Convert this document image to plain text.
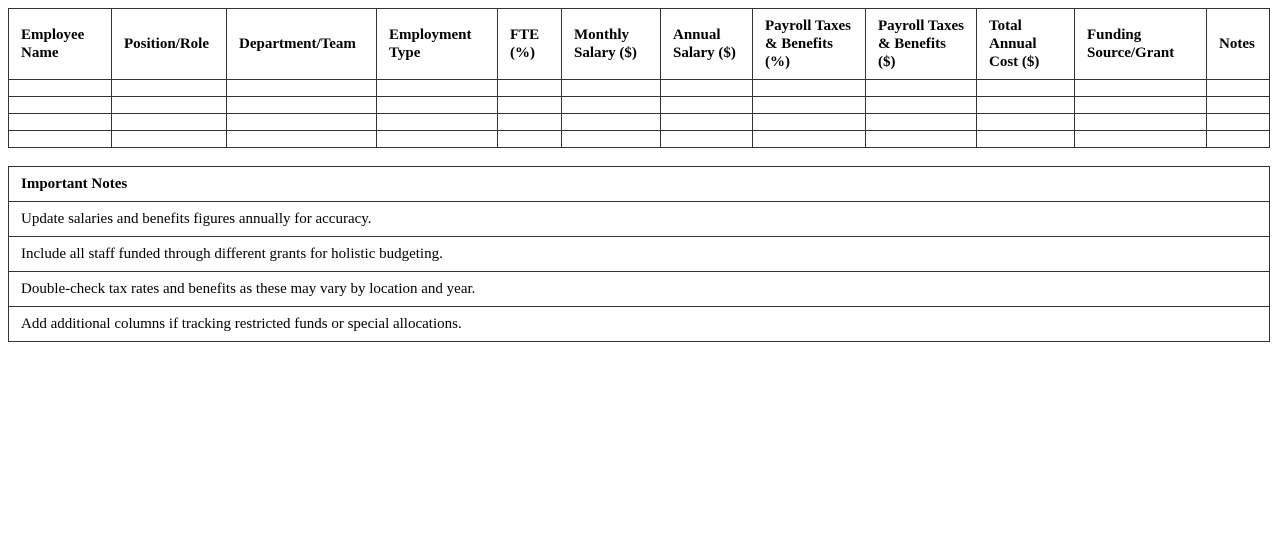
Employee Name	Position/Role	Department/Team	Employment Type	FTE (%)	Monthly Salary ($)	Annual Salary ($)	Payroll Taxes & Benefits (%)	Payroll Taxes & Benefits ($)	Total Annual Cost ($)	Funding Source/Grant	Notes

Important Notes
Update salaries and benefits figures annually for accuracy.
Include all staff funded through different grants for holistic budgeting.
Double-check tax rates and benefits as these may vary by location and year.
Add additional columns if tracking restricted funds or special allocations.
